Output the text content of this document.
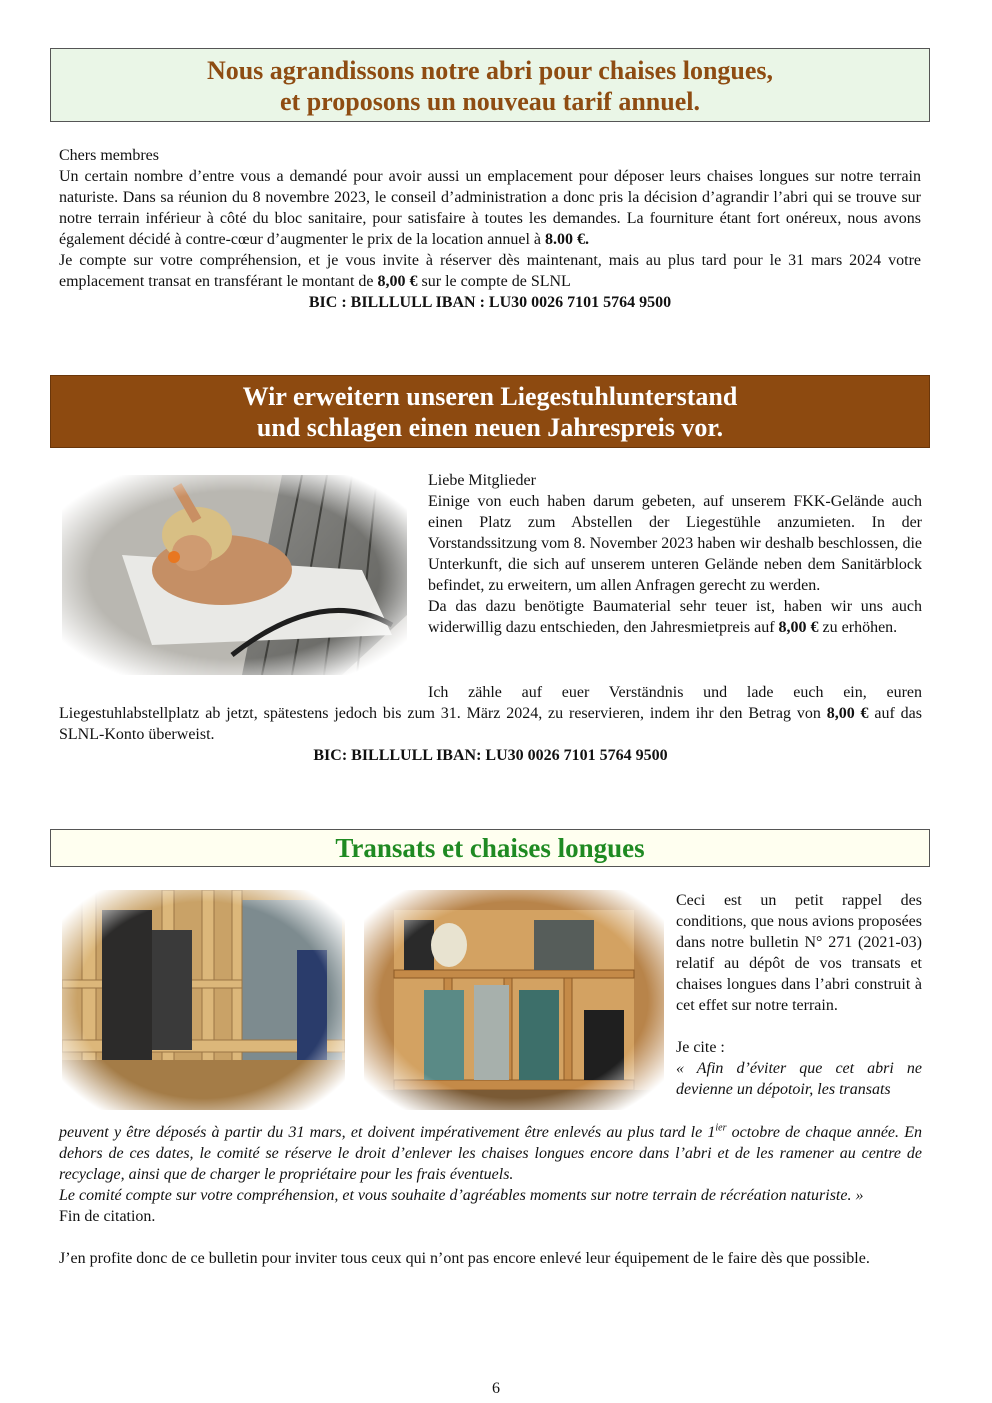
Nous agrandissons notre abri pour chaises longues,
et proposons un nouveau tarif annuel.

Chers membres

Un certain nombre d’entre vous a demandé pour avoir aussi un emplacement pour déposer leurs chaises longues sur notre terrain naturiste. Dans sa réunion du 8 novembre 2023, le conseil d’administration a donc pris la décision d’agrandir l’abri qui se trouve sur notre terrain inférieur à côté du bloc sanitaire, pour satisfaire à toutes les demandes. La fourniture étant fort onéreux, nous avons également décidé à contre-cœur d’augmenter le prix de la location annuel à 8.00 €.

Je compte sur votre compréhension, et je vous invite à réserver dès maintenant, mais au plus tard pour le 31 mars 2024 votre emplacement transat en transférant le montant de 8,00 € sur le compte de SLNL

BIC : BILLLULL IBAN : LU30 0026 7101 5764 9500

Wir erweitern unseren Liegestuhlunterstand
und schlagen einen neuen Jahrespreis vor.

Liebe Mitglieder

Einige von euch haben darum gebeten, auf unserem FKK-Gelände auch einen Platz zum Abstellen der Liegestühle anzumieten. In der Vorstandssitzung vom 8. November 2023 haben wir deshalb beschlossen, die Unterkunft, die sich auf unserem unteren Gelände neben dem Sanitärblock befindet, zu erweitern, um allen Anfragen gerecht zu werden.

Da das dazu benötigte Baumaterial sehr teuer ist, haben wir uns auch widerwillig dazu entschieden, den Jahresmietpreis auf 8,00 € zu erhöhen.

Ich zähle auf euer Verständnis und lade euch ein, euren
Liegestuhlabstellplatz ab jetzt, spätestens jedoch bis zum 31. März 2024, zu reservieren, indem ihr den Betrag von 8,00 € auf das SLNL-Konto überweist.

BIC: BILLLULL IBAN: LU30 0026 7101 5764 9500

Transats et chaises longues

Ceci est un petit rappel des conditions, que nous avions proposées dans notre bulletin N° 271 (2021-03) relatif au dépôt de vos transats et chaises longues dans l’abri construit à cet effet sur notre terrain.

Je cite :

« Afin d’éviter que cet abri ne devienne un dépotoir, les transats

peuvent y être déposés à partir du 31 mars, et doivent impérativement être enlevés au plus tard le $1^{ier}$ octobre de chaque année. En dehors de ces dates, le comité se réserve le droit d’enlever les chaises longues encore dans l’abri et de les ramener au centre de recyclage, ainsi que de charger le propriétaire pour les frais éventuels.

Le comité compte sur votre compréhension, et vous souhaite d’agréables moments sur notre terrain de récréation naturiste. »

Fin de citation.

J’en profite donc de ce bulletin pour inviter tous ceux qui n’ont pas encore enlevé leur équipement de le faire dès que possible.

6
